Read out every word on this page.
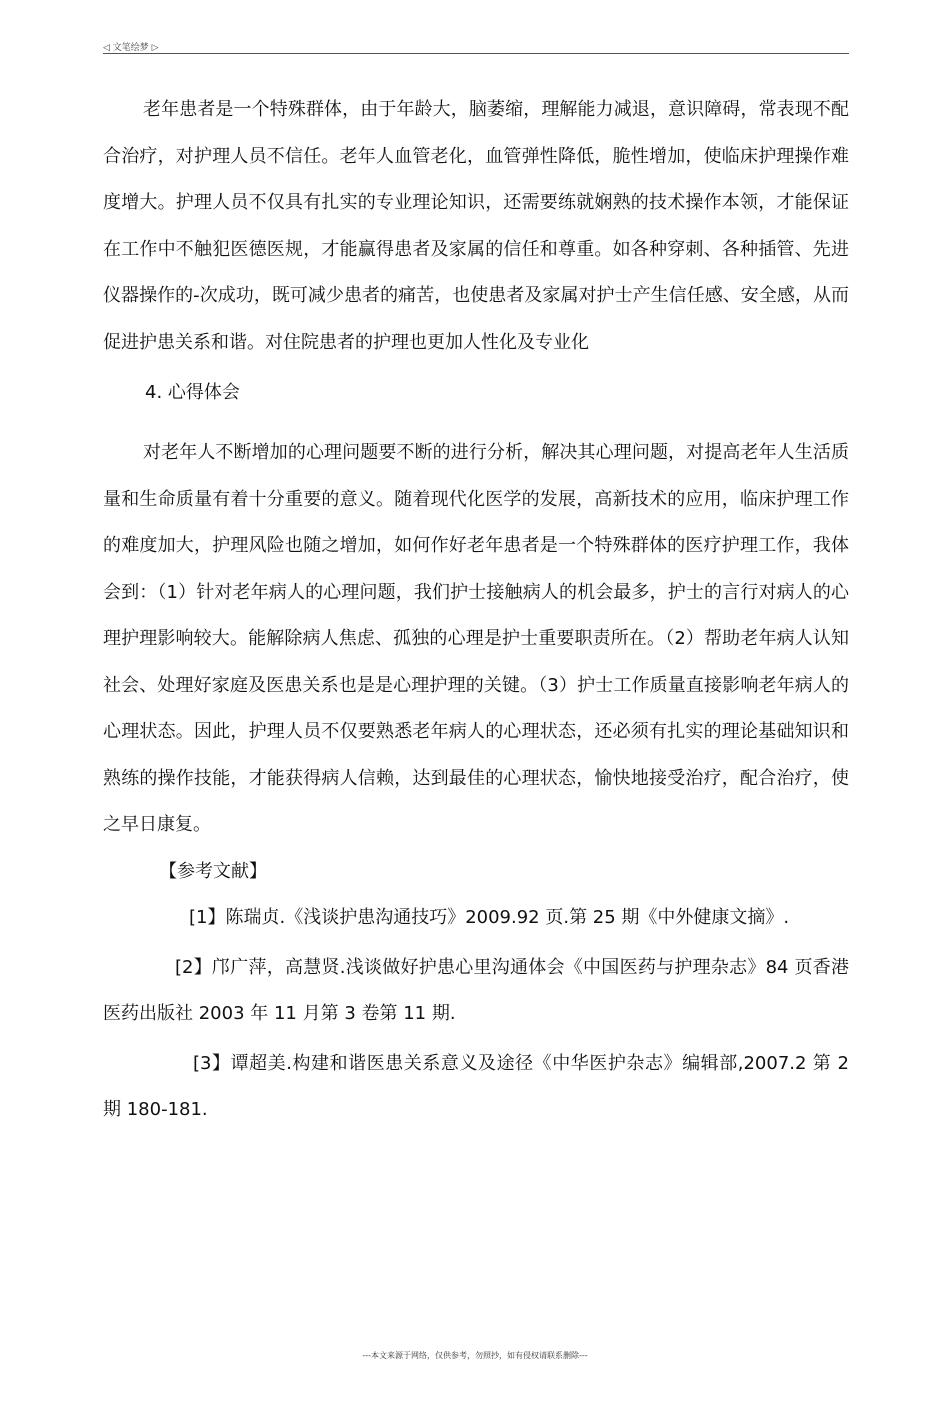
◁ 文笔绘梦 ▷

老年患者是一个特殊群体，由于年龄大，脑萎缩，理解能力减退，意识障碍，常表现不配合治疗，对护理人员不信任。老年人血管老化，血管弹性降低，脆性增加，使临床护理操作难度增大。护理人员不仅具有扎实的专业理论知识，还需要练就娴熟的技术操作本领，才能保证在工作中不触犯医德医规，才能赢得患者及家属的信任和尊重。如各种穿刺、各种插管、先进仪器操作的-次成功，既可减少患者的痛苦，也使患者及家属对护士产生信任感、安全感，从而促进护患关系和谐。对住院患者的护理也更加人性化及专业化

4. 心得体会

对老年人不断增加的心理问题要不断的进行分析，解决其心理问题，对提高老年人生活质量和生命质量有着十分重要的意义。随着现代化医学的发展，高新技术的应用，临床护理工作的难度加大，护理风险也随之增加，如何作好老年患者是一个特殊群体的医疗护理工作，我体会到：（1）针对老年病人的心理问题，我们护士接触病人的机会最多，护士的言行对病人的心理护理影响较大。能解除病人焦虑、孤独的心理是护士重要职责所在。（2）帮助老年病人认知社会、处理好家庭及医患关系也是是心理护理的关键。（3）护士工作质量直接影响老年病人的心理状态。因此，护理人员不仅要熟悉老年病人的心理状态，还必须有扎实的理论基础知识和熟练的操作技能，才能获得病人信赖，达到最佳的心理状态，愉快地接受治疗，配合治疗，使之早日康复。

【参考文献】

[1】陈瑞贞.《浅谈护患沟通技巧》2009.92 页.第 25 期《中外健康文摘》.

[2】邝广萍，高慧贤.浅谈做好护患心里沟通体会《中国医药与护理杂志》84 页香港医药出版社 2003 年 11 月第 3 卷第 11 期.

[3】谭超美.构建和谐医患关系意义及途径《中华医护杂志》编辑部,2007.2 第 2 期 180-181.

---本文来源于网络，仅供参考，勿照抄，如有侵权请联系删除---
